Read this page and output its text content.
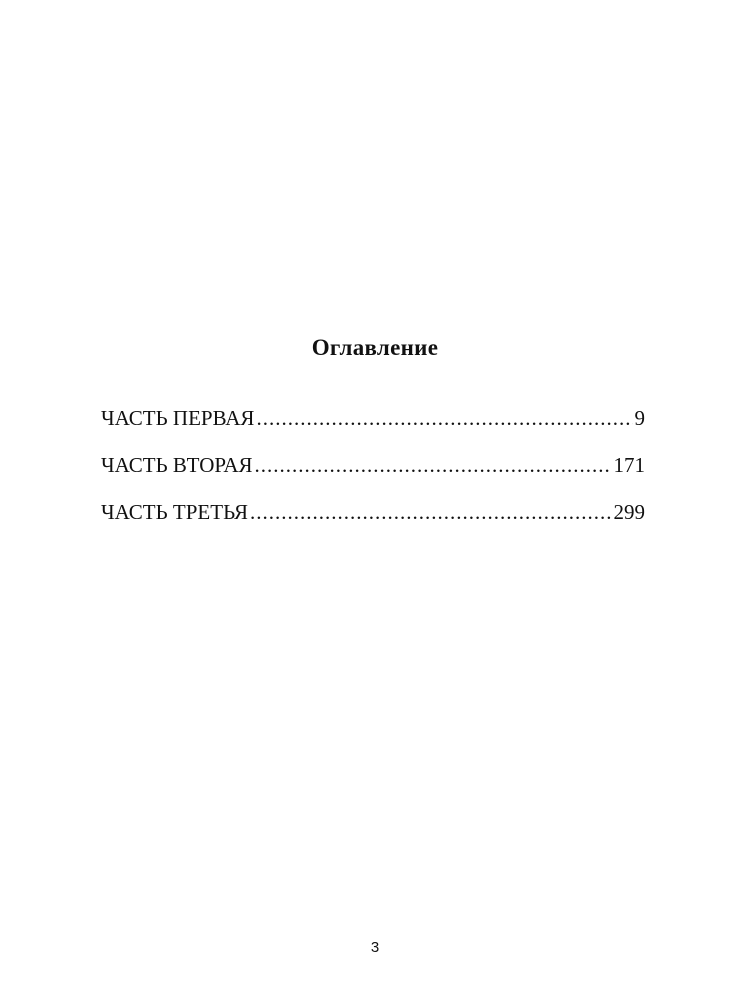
Оглавление
ЧАСТЬ ПЕРВАЯ .....	9
ЧАСТЬ ВТОРАЯ .....	171
ЧАСТЬ ТРЕТЬЯ .....	299
3
